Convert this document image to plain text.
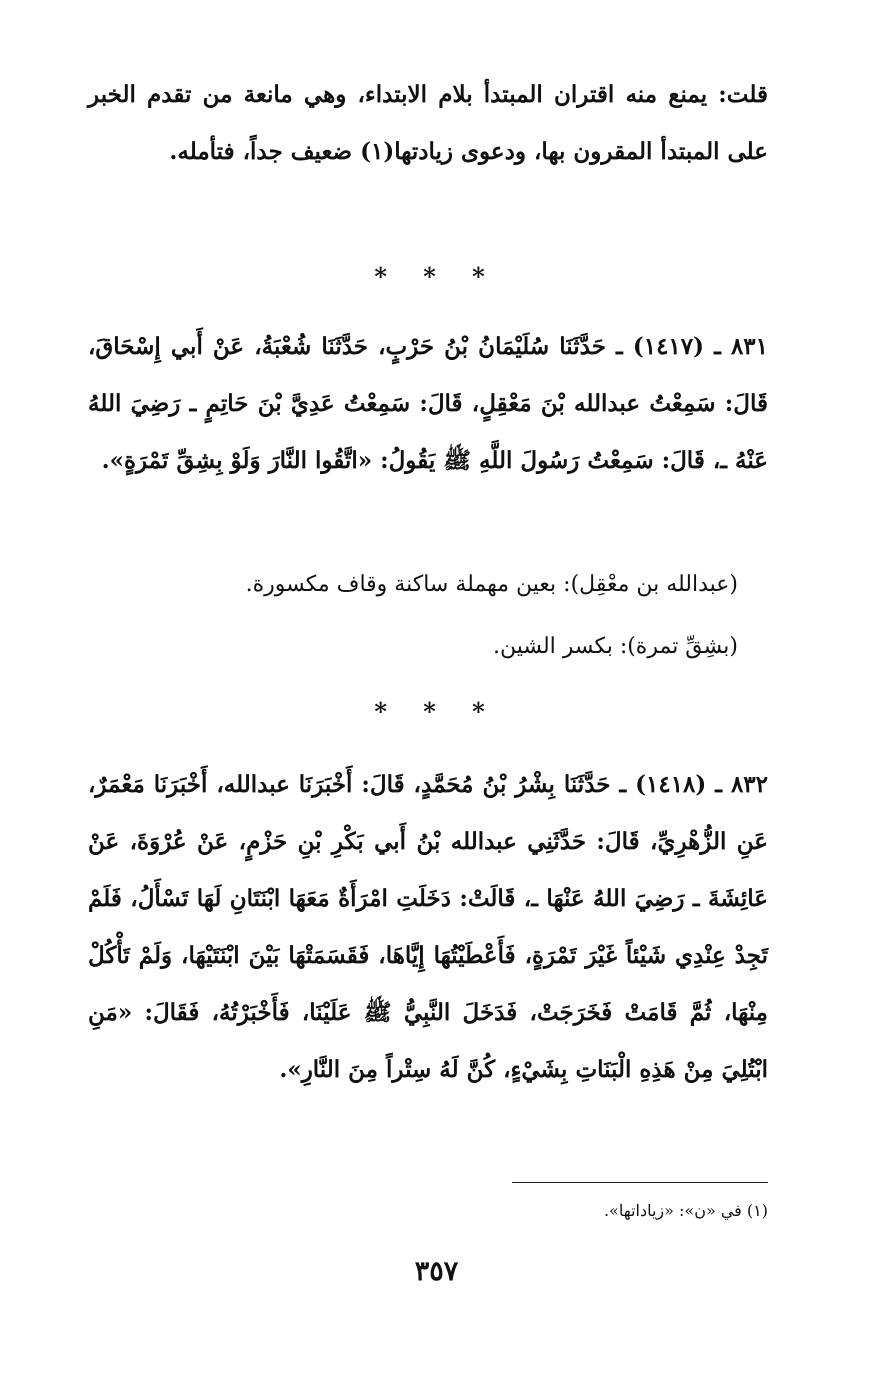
قلت: يمنع منه اقتران المبتدأ بلام الابتداء، وهي مانعة من تقدم الخبر على المبتدأ المقرون بها، ودعوى زيادتها(١) ضعيف جداً، فتأمله.

* * *

٨٣١ ـ (١٤١٧) ـ حَدَّثَنَا سُلَيْمَانُ بْنُ حَرْبٍ، حَدَّثَنَا شُعْبَةُ، عَنْ أَبي إِسْحَاقَ، قَالَ: سَمِعْتُ عبدالله بْنَ مَعْقِلٍ، قَالَ: سَمِعْتُ عَدِيَّ بْنَ حَاتِمٍ ـ رَضِيَ اللهُ عَنْهُ ـ، قَالَ: سَمِعْتُ رَسُولَ اللَّهِ ﷺ يَقُولُ: «اتَّقُوا النَّارَ وَلَوْ بِشِقِّ تَمْرَةٍ».

(عبدالله بن معْقِل): بعين مهملة ساكنة وقاف مكسورة.

(بشِقِّ تمرة): بكسر الشين.

* * *

٨٣٢ ـ (١٤١٨) ـ حَدَّثَنَا بِشْرُ بْنُ مُحَمَّدٍ، قَالَ: أَخْبَرَنَا عبدالله، أَخْبَرَنَا مَعْمَرٌ، عَنِ الزُّهْرِيِّ، قَالَ: حَدَّثَنِي عبدالله بْنُ أَبي بَكْرِ بْنِ حَزْمٍ، عَنْ عُرْوَةَ، عَنْ عَائِشَةَ ـ رَضِيَ اللهُ عَنْهَا ـ، قَالَتْ: دَخَلَتِ امْرَأَةٌ مَعَهَا ابْنَتَانِ لَهَا تَسْأَلُ، فَلَمْ تَجِدْ عِنْدِي شَيْئاً غَيْرَ تَمْرَةٍ، فَأَعْطَيْتُهَا إِيَّاهَا، فَقَسَمَتْهَا بَيْنَ ابْنَتَيْهَا، وَلَمْ تَأْكُلْ مِنْهَا، ثُمَّ قَامَتْ فَخَرَجَتْ، فَدَخَلَ النَّبِيُّ ﷺ عَلَيْنَا، فَأَخْبَرْتُهُ، فَقَالَ: «مَنِ ابْتُلِيَ مِنْ هَذِهِ الْبَنَاتِ بِشَيْءٍ، كُنَّ لَهُ سِتْراً مِنَ النَّارِ».

(١) في «ن»: «زياداتها».
٣٥٧
